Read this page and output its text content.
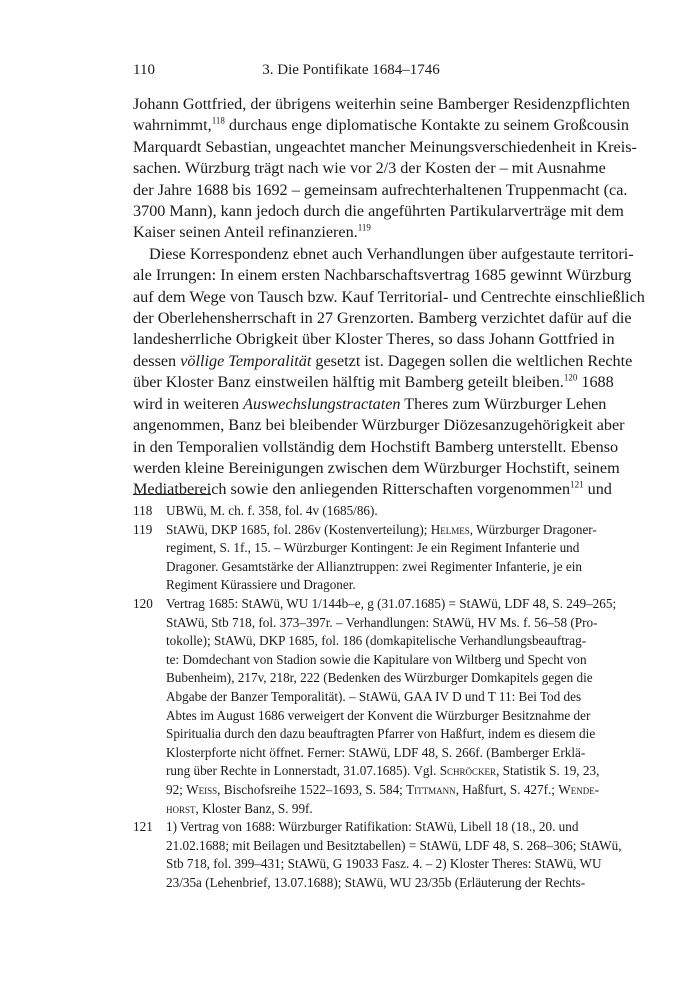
110	3. Die Pontifikate 1684–1746
Johann Gottfried, der übrigens weiterhin seine Bamberger Residenzpflichten
wahrnimmt,$^{118}$ durchaus enge diplomatische Kontakte zu seinem Großcousin
Marquardt Sebastian, ungeachtet mancher Meinungsverschiedenheit in Kreis-
sachen. Würzburg trägt nach wie vor 2/3 der Kosten der – mit Ausnahme
der Jahre 1688 bis 1692 – gemeinsam aufrechterhaltenen Truppenmacht (ca.
3700 Mann), kann jedoch durch die angeführten Partikularverträge mit dem
Kaiser seinen Anteil refinanzieren.$^{119}$
Diese Korrespondenz ebnet auch Verhandlungen über aufgestaute territori-
ale Irrungen: In einem ersten Nachbarschaftsvertrag 1685 gewinnt Würzburg
auf dem Wege von Tausch bzw. Kauf Territorial- und Centrechte einschließlich
der Oberlehensherrschaft in 27 Grenzorten. Bamberg verzichtet dafür auf die
landesherrliche Obrigkeit über Kloster Theres, so dass Johann Gottfried in
dessen völlige Temporalität gesetzt ist. Dagegen sollen die weltlichen Rechte
über Kloster Banz einstweilen hälftig mit Bamberg geteilt bleiben.$^{120}$ 1688
wird in weiteren Auswechslungstractaten Theres zum Würzburger Lehen
angenommen, Banz bei bleibender Würzburger Diözesanzugehörigkeit aber
in den Temporalien vollständig dem Hochstift Bamberg unterstellt. Ebenso
werden kleine Bereinigungen zwischen dem Würzburger Hochstift, seinem
Mediatbereich sowie den anliegenden Ritterschaften vorgenommen$^{121}$ und
118 UBWü, M. ch. f. 358, fol. 4v (1685/86).
119 StAWü, DKP 1685, fol. 286v (Kostenverteilung); Helmes, Würzburger Dragoner-
regiment, S. 1f., 15. – Würzburger Kontingent: Je ein Regiment Infanterie und
Dragoner. Gesamtstärke der Allianztruppen: zwei Regimenter Infanterie, je ein
Regiment Kürassiere und Dragoner.
120 Vertrag 1685: StAWü, WU 1/144b–e, g (31.07.1685) = StAWü, LDF 48, S. 249–265;
StAWü, Stb 718, fol. 373–397r. – Verhandlungen: StAWü, HV Ms. f. 56–58 (Pro-
tokolle); StAWü, DKP 1685, fol. 186 (domkapitelische Verhandlungsbeauftrag-
te: Domdechant von Stadion sowie die Kapitulare von Wiltberg und Specht von
Bubenheim), 217v, 218r, 222 (Bedenken des Würzburger Domkapitels gegen die
Abgabe der Banzer Temporalität). – StAWü, GAA IV D und T 11: Bei Tod des
Abtes im August 1686 verweigert der Konvent die Würzburger Besitznahme der
Spiritualia durch den dazu beauftragten Pfarrer von Haßfurt, indem es diesem die
Klosterpforte nicht öffnet. Ferner: StAWü, LDF 48, S. 266f. (Bamberger Erklä-
rung über Rechte in Lonnerstadt, 31.07.1685). Vgl. Schröcker, Statistik S. 19, 23,
92; Weiss, Bischofsreihe 1522–1693, S. 584; Tittmann, Haßfurt, S. 427f.; Wende-
horst, Kloster Banz, S. 99f.
121 1) Vertrag von 1688: Würzburger Ratifikation: StAWü, Libell 18 (18., 20. und
21.02.1688; mit Beilagen und Besitztabellen) = StAWü, LDF 48, S. 268–306; StAWü,
Stb 718, fol. 399–431; StAWü, G 19033 Fasz. 4. – 2) Kloster Theres: StAWü, WU
23/35a (Lehenbrief, 13.07.1688); StAWü, WU 23/35b (Erläuterung der Rechts-
